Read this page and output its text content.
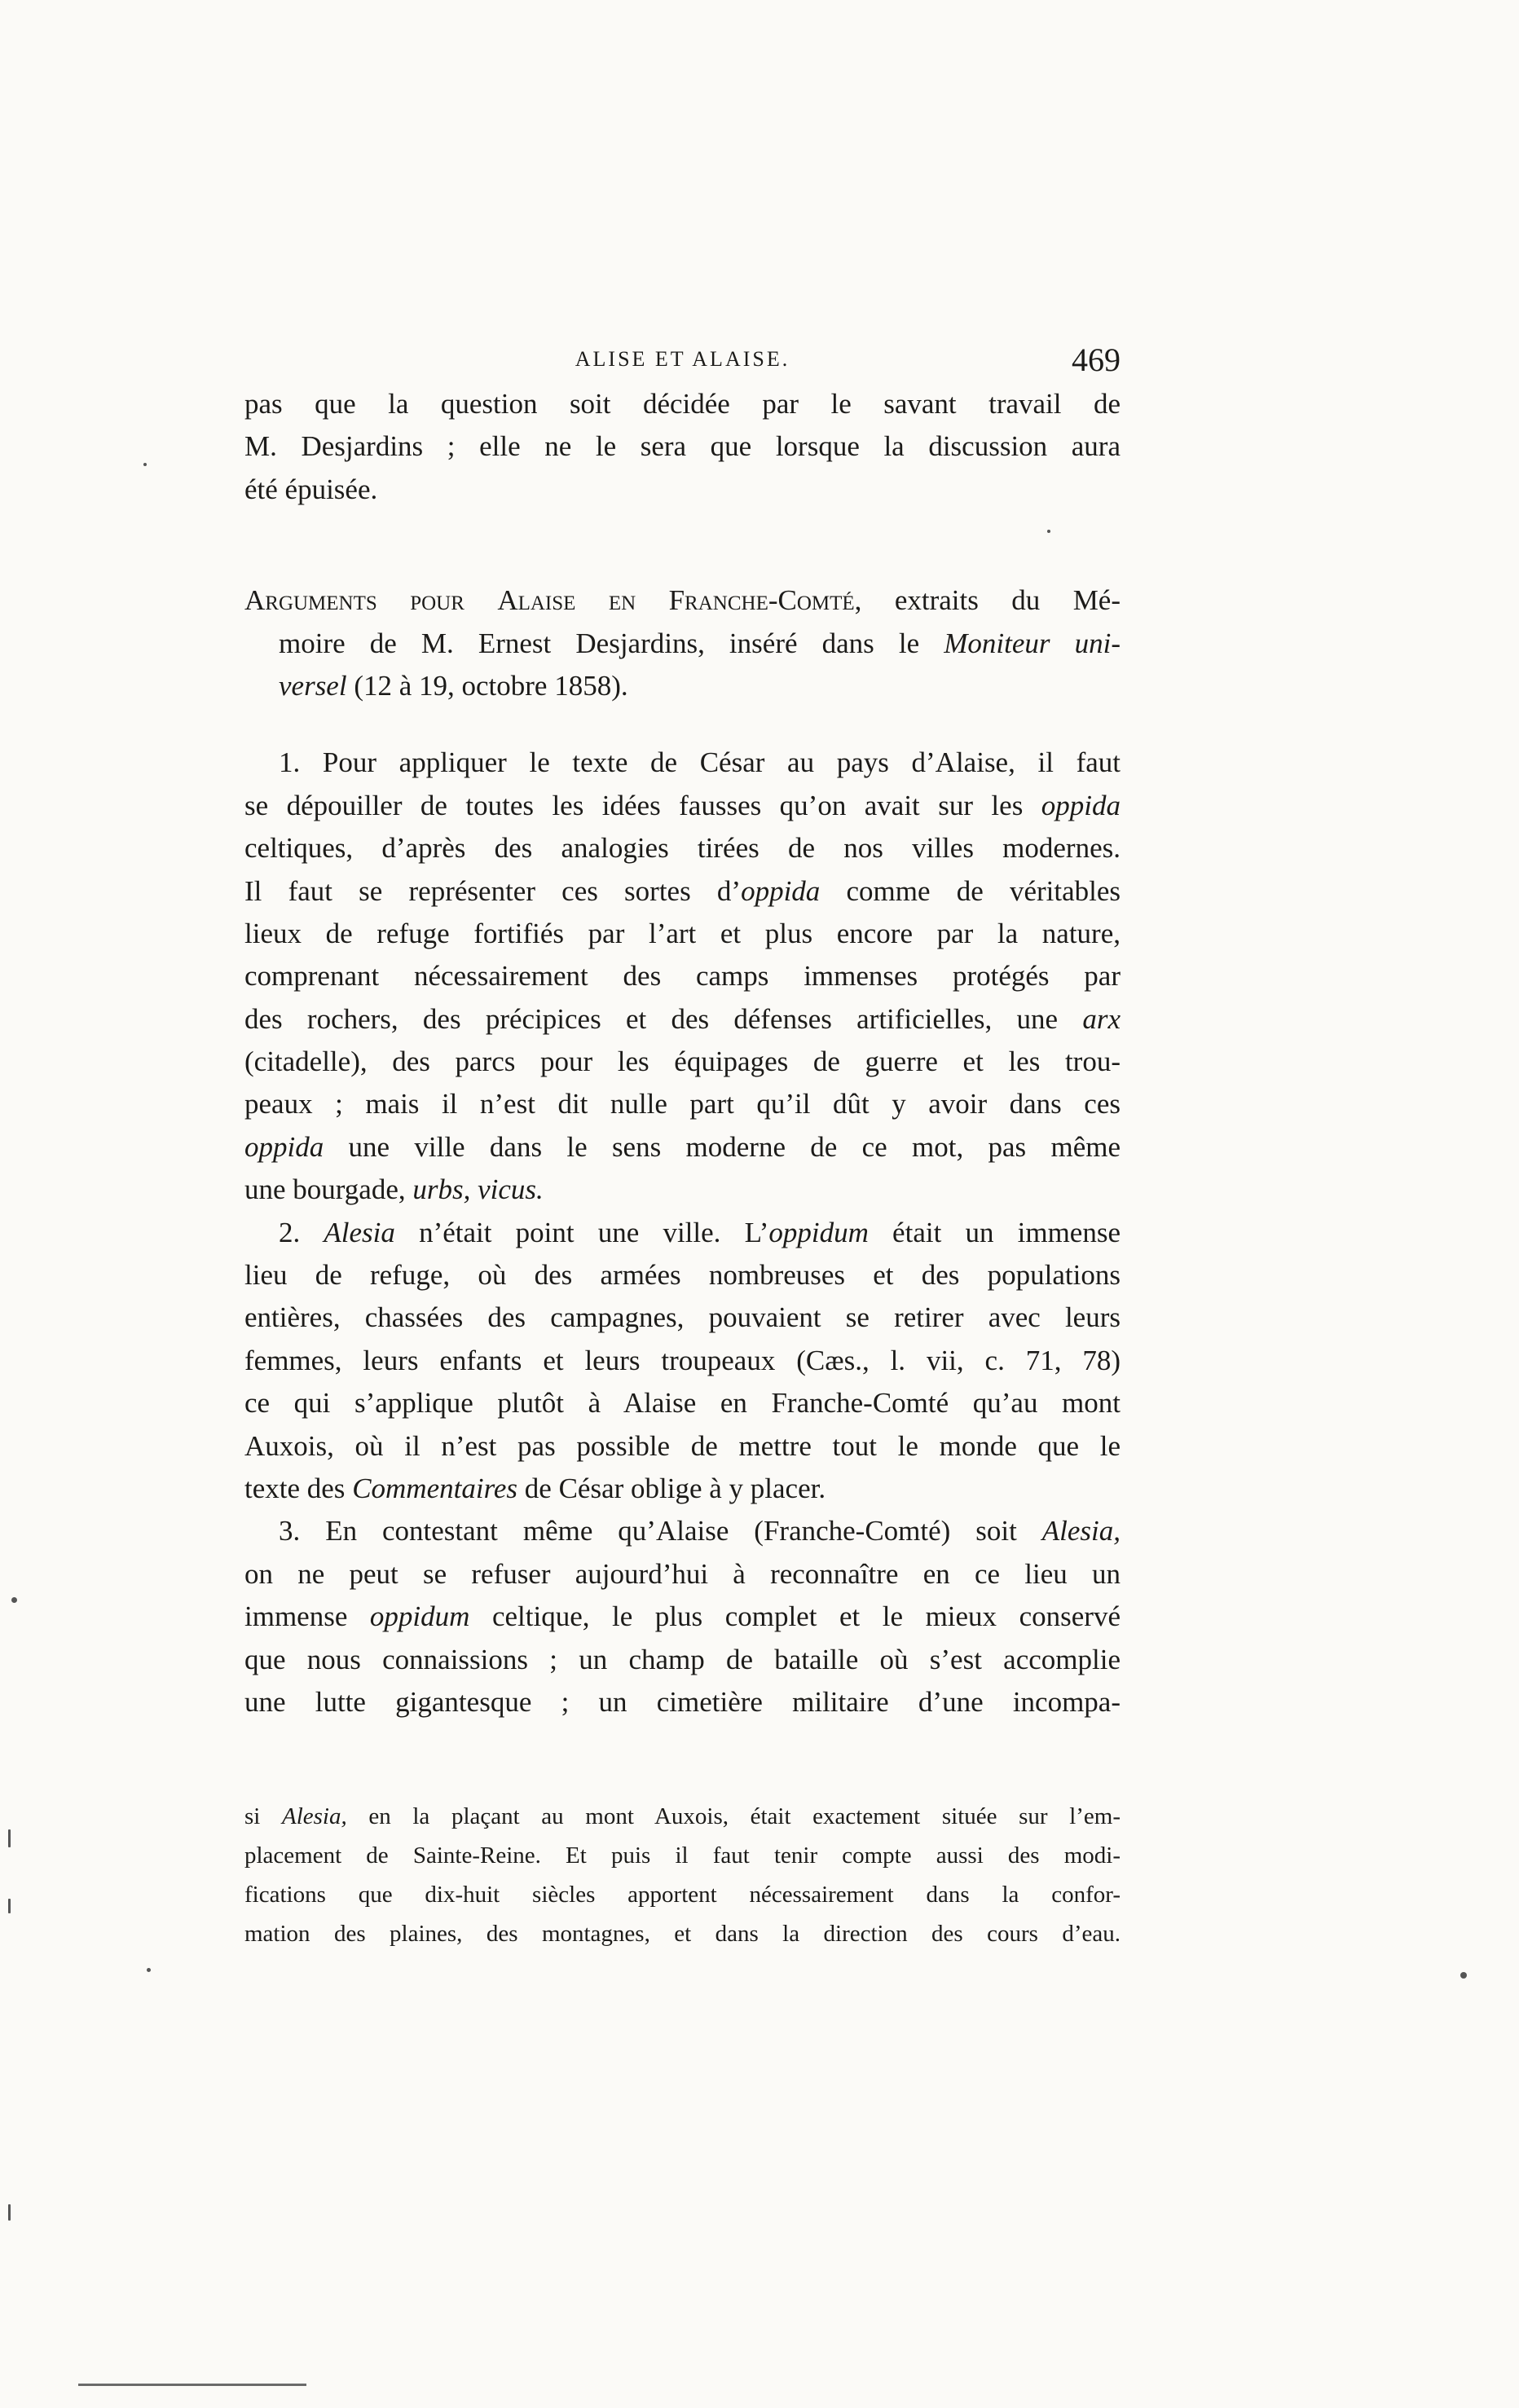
ALISE ET ALAISE.	469
pas que la question soit décidée par le savant travail de
M. Desjardins ; elle ne le sera que lorsque la discussion aura
été épuisée.
Arguments pour Alaise en Franche-Comté, extraits du Mé-
moire de M. Ernest Desjardins, inséré dans le Moniteur uni-
versel (12 à 19, octobre 1858).
1. Pour appliquer le texte de César au pays d’Alaise, il faut
se dépouiller de toutes les idées fausses qu’on avait sur les oppida
celtiques, d’après des analogies tirées de nos villes modernes.
Il faut se représenter ces sortes d’oppida comme de véritables
lieux de refuge fortifiés par l’art et plus encore par la nature,
comprenant nécessairement des camps immenses protégés par
des rochers, des précipices et des défenses artificielles, une arx
(citadelle), des parcs pour les équipages de guerre et les trou-
peaux ; mais il n’est dit nulle part qu’il dût y avoir dans ces
oppida une ville dans le sens moderne de ce mot, pas même
une bourgade, urbs, vicus.
2. Alesia n’était point une ville. L’oppidum était un immense
lieu de refuge, où des armées nombreuses et des populations
entières, chassées des campagnes, pouvaient se retirer avec leurs
femmes, leurs enfants et leurs troupeaux (Cæs., l. vii, c. 71, 78)
ce qui s’applique plutôt à Alaise en Franche-Comté qu’au mont
Auxois, où il n’est pas possible de mettre tout le monde que le
texte des Commentaires de César oblige à y placer.
3. En contestant même qu’Alaise (Franche-Comté) soit Alesia,
on ne peut se refuser aujourd’hui à reconnaître en ce lieu un
immense oppidum celtique, le plus complet et le mieux conservé
que nous connaissions ; un champ de bataille où s’est accomplie
une lutte gigantesque ; un cimetière militaire d’une incompa-
si Alesia, en la plaçant au mont Auxois, était exactement située sur l’em-
placement de Sainte-Reine. Et puis il faut tenir compte aussi des modi-
fications que dix-huit siècles apportent nécessairement dans la confor-
mation des plaines, des montagnes, et dans la direction des cours d’eau.
